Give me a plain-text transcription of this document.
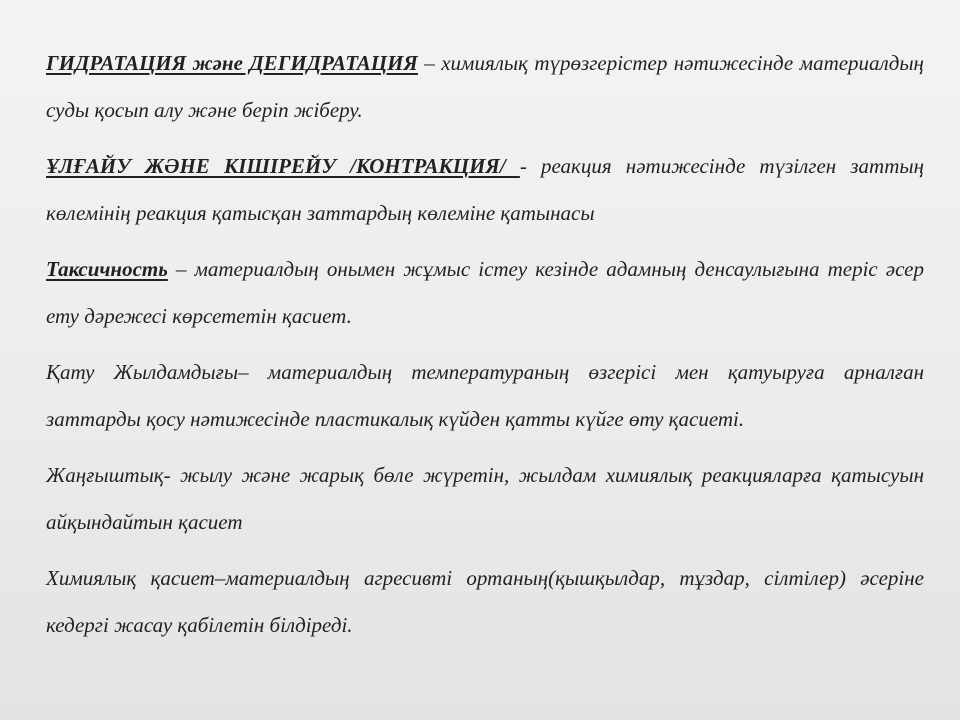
ГИДРАТАЦИЯ және ДЕГИДРАТАЦИЯ – химиялық түрөзгерістер нәтижесінде материалдың суды қосып алу және беріп жіберу.

ҰЛҒАЙУ ЖӘНЕ КІШІРЕЙУ /КОНТРАКЦИЯ/ - реакция нәтижесінде түзілген заттың көлемінің реакция қатысқан заттардың көлеміне қатынасы

Таксичность – материалдың онымен жұмыс істеу кезінде адамның денсаулығына теріс әсер ету дәрежесі көрсететін қасиет.

Қату Жылдамдығы– материалдың температураның өзгерісі мен қатуыруға арналған заттарды қосу нәтижесінде пластикалық күйден қатты күйге өту қасиеті.

Жаңғыштық- жылу және жарық бөле жүретін, жылдам химиялық реакцияларға қатысуын айқындайтын қасиет

Химиялық қасиет–материалдың агресивті ортаның(қышқылдар, тұздар, сілтілер) әсеріне кедергі жасау қабілетін білдіреді.
